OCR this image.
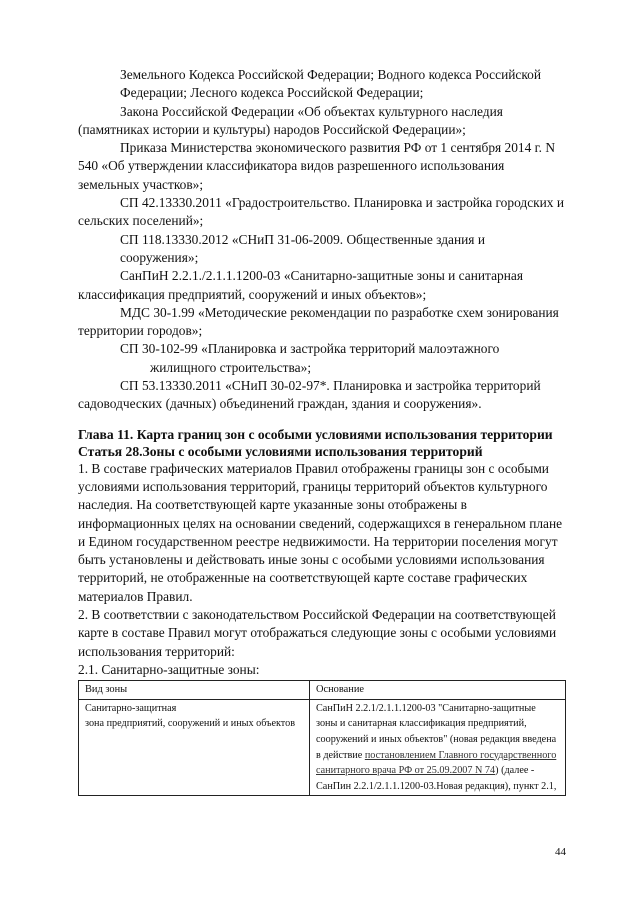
Земельного Кодекса Российской Федерации; Водного кодекса Российской Федерации; Лесного кодекса Российской Федерации;

Закона Российской Федерации «Об объектах культурного наследия (памятниках истории и культуры) народов Российской Федерации»;

Приказа Министерства экономического развития РФ от 1 сентября 2014 г. N 540 «Об утверждении классификатора видов разрешенного использования земельных участков»;

СП 42.13330.2011 «Градостроительство. Планировка и застройка городских и сельских поселений»;

СП 118.13330.2012 «СНиП 31-06-2009. Общественные здания и сооружения»;

СанПиН 2.2.1./2.1.1.1200-03 «Санитарно-защитные зоны и санитарная классификация предприятий, сооружений и иных объектов»;

МДС 30-1.99 «Методические рекомендации по разработке схем зонирования территории городов»;

СП 30-102-99 «Планировка и застройка территорий малоэтажного жилищного строительства»;

СП 53.13330.2011 «СНиП 30-02-97*. Планировка и застройка территорий садоводческих (дачных) объединений граждан, здания и сооружения».

Глава 11. Карта границ зон с особыми условиями использования территории

Статья 28.Зоны с особыми условиями использования территорий

1. В составе графических материалов Правил отображены границы зон с особыми условиями использования территорий, границы территорий объектов культурного наследия. На соответствующей карте указанные зоны отображены в информационных целях на основании сведений, содержащихся в генеральном плане и Едином государственном реестре недвижимости. На территории поселения могут быть установлены и действовать иные зоны с особыми условиями использования территорий, не отображенные на соответствующей карте составе графических материалов Правил.

2. В соответствии с законодательством Российской Федерации на соответствующей карте в составе Правил могут отображаться следующие зоны с особыми условиями использования территорий:

2.1. Санитарно-защитные зоны:

Вид зоны	Основание

Санитарно-защитная
зона предприятий, сооружений и иных объектов	СанПиН 2.2.1/2.1.1.1200-03 "Санитарно-защитные зоны и санитарная классификация предприятий, сооружений и иных объектов" (новая редакция введена в действие постановлением Главного государственного санитарного врача РФ от 25.09.2007 N 74) (далее - СанПин 2.2.1/2.1.1.1200-03.Новая редакция), пункт 2.1,
44
